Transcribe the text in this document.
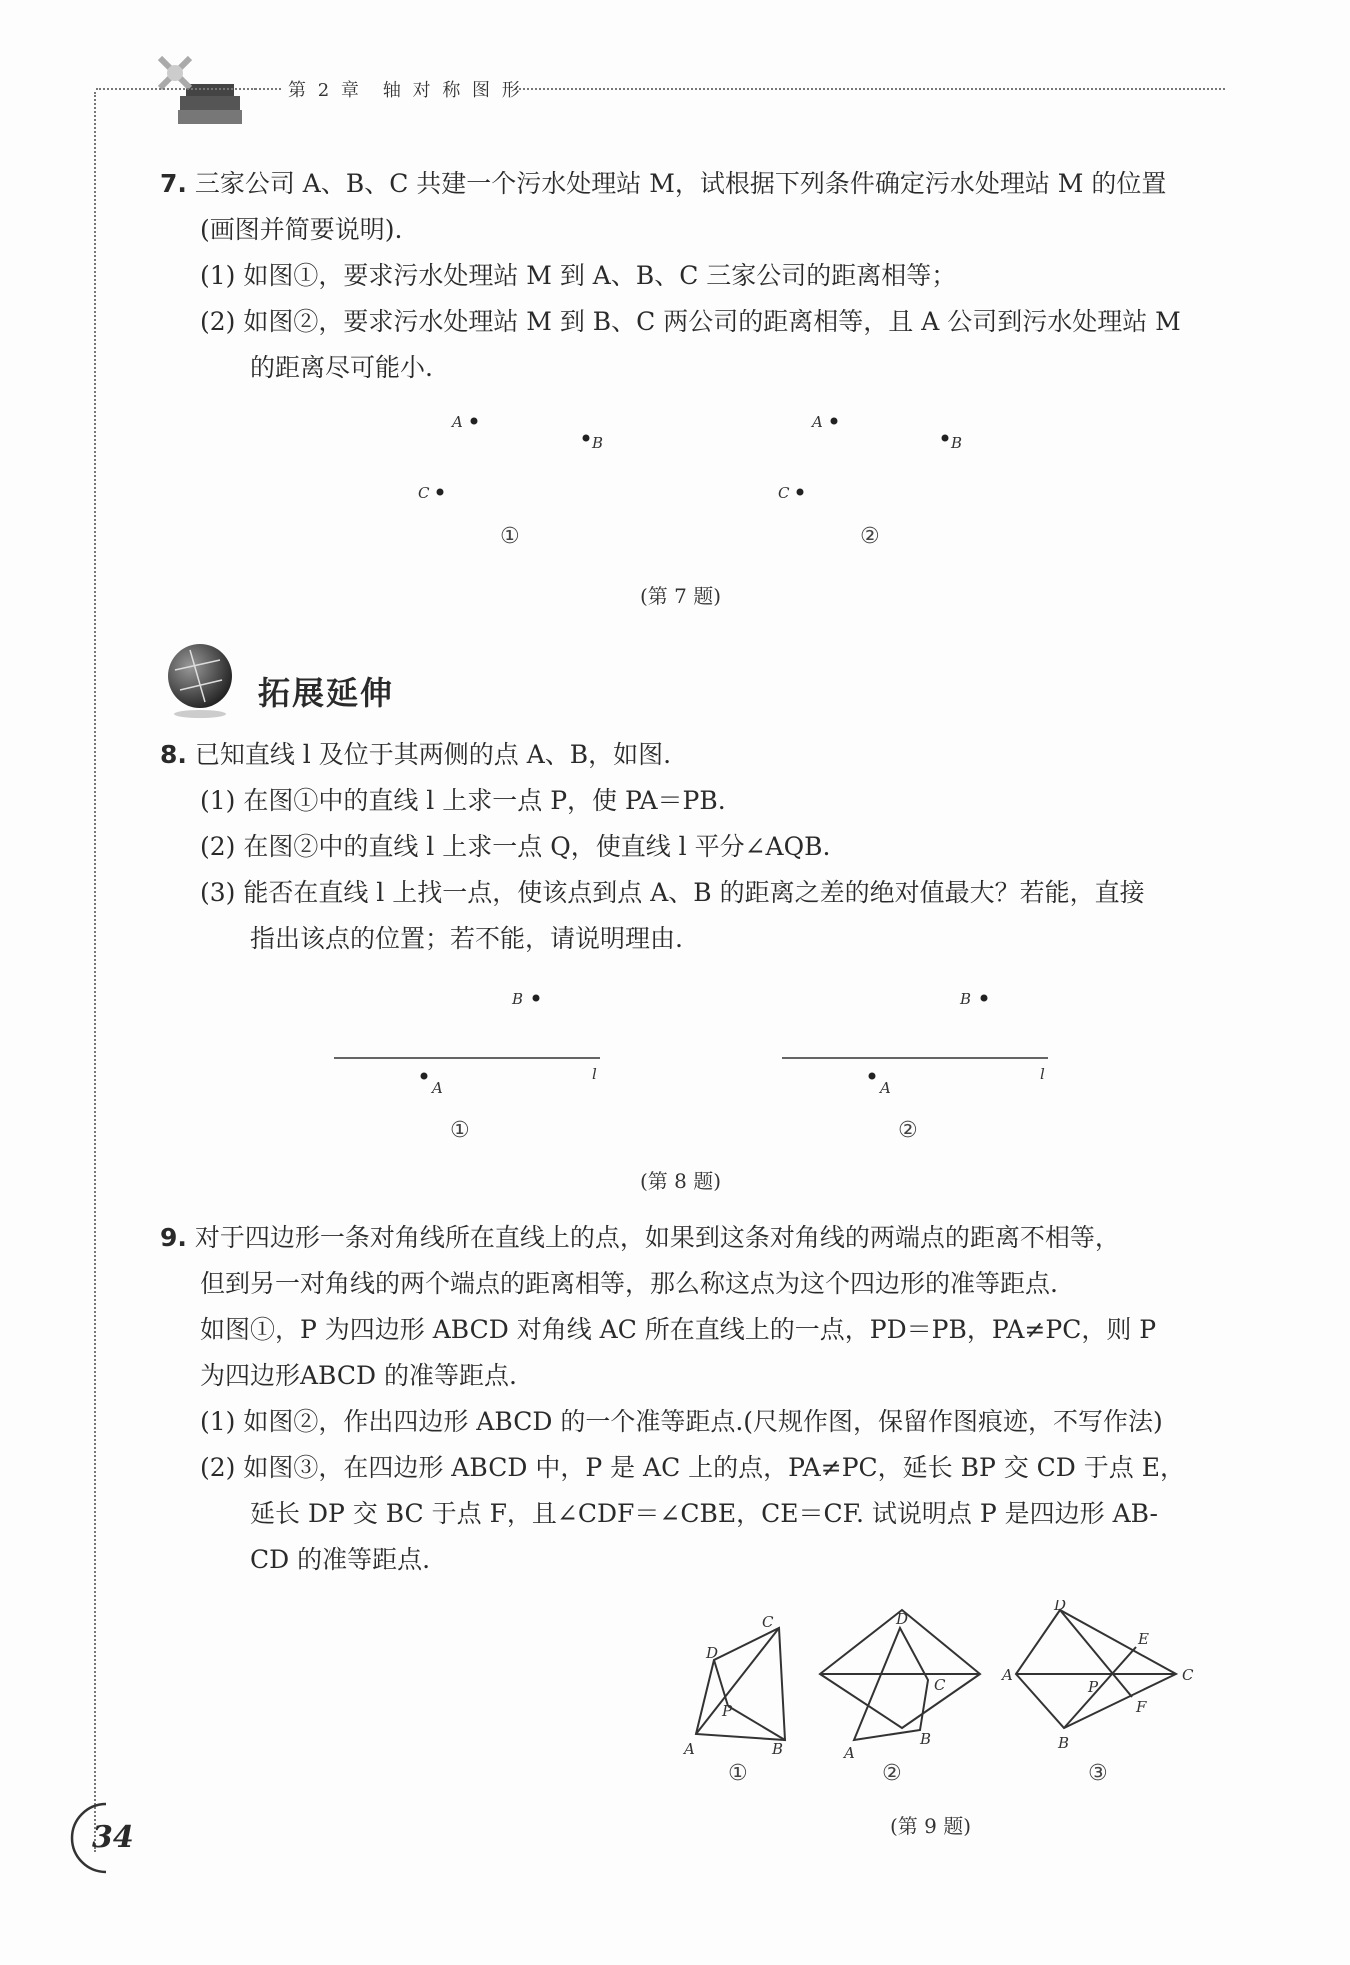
第 2 章　轴 对 称 图 形
7. 三家公司 A、B、C 共建一个污水处理站 M，试根据下列条件确定污水处理站 M 的位置
(画图并简要说明).
(1) 如图①，要求污水处理站 M 到 A、B、C 三家公司的距离相等；
(2) 如图②，要求污水处理站 M 到 B、C 两公司的距离相等，且 A 公司到污水处理站 M
的距离尽可能小.
A
B
C
①
A
B
C
②
(第 7 题)
拓展延伸
8. 已知直线 l 及位于其两侧的点 A、B，如图.
(1) 在图①中的直线 l 上求一点 P，使 PA＝PB.
(2) 在图②中的直线 l 上求一点 Q，使直线 l 平分∠AQB.
(3) 能否在直线 l 上找一点，使该点到点 A、B 的距离之差的绝对值最大？若能，直接
指出该点的位置；若不能，请说明理由.
B
l
A
①
B
l
A
②
(第 8 题)
9. 对于四边形一条对角线所在直线上的点，如果到这条对角线的两端点的距离不相等，
但到另一对角线的两个端点的距离相等，那么称这点为这个四边形的准等距点.
如图①，P 为四边形 ABCD 对角线 AC 所在直线上的一点，PD＝PB，PA≠PC，则 P
为四边形ABCD 的准等距点.
(1) 如图②，作出四边形 ABCD 的一个准等距点.(尺规作图，保留作图痕迹，不写作法)
(2) 如图③，在四边形 ABCD 中，P 是 AC 上的点，PA≠PC，延长 BP 交 CD 于点 E，
延长 DP 交 BC 于点 F，且∠CDF＝∠CBE，CE＝CF. 试说明点 P 是四边形 AB-
CD 的准等距点.
A	B
C
D
P
①
A
B
C
D
②
A
B
C
D
E
F
P
③
(第 9 题)
34
